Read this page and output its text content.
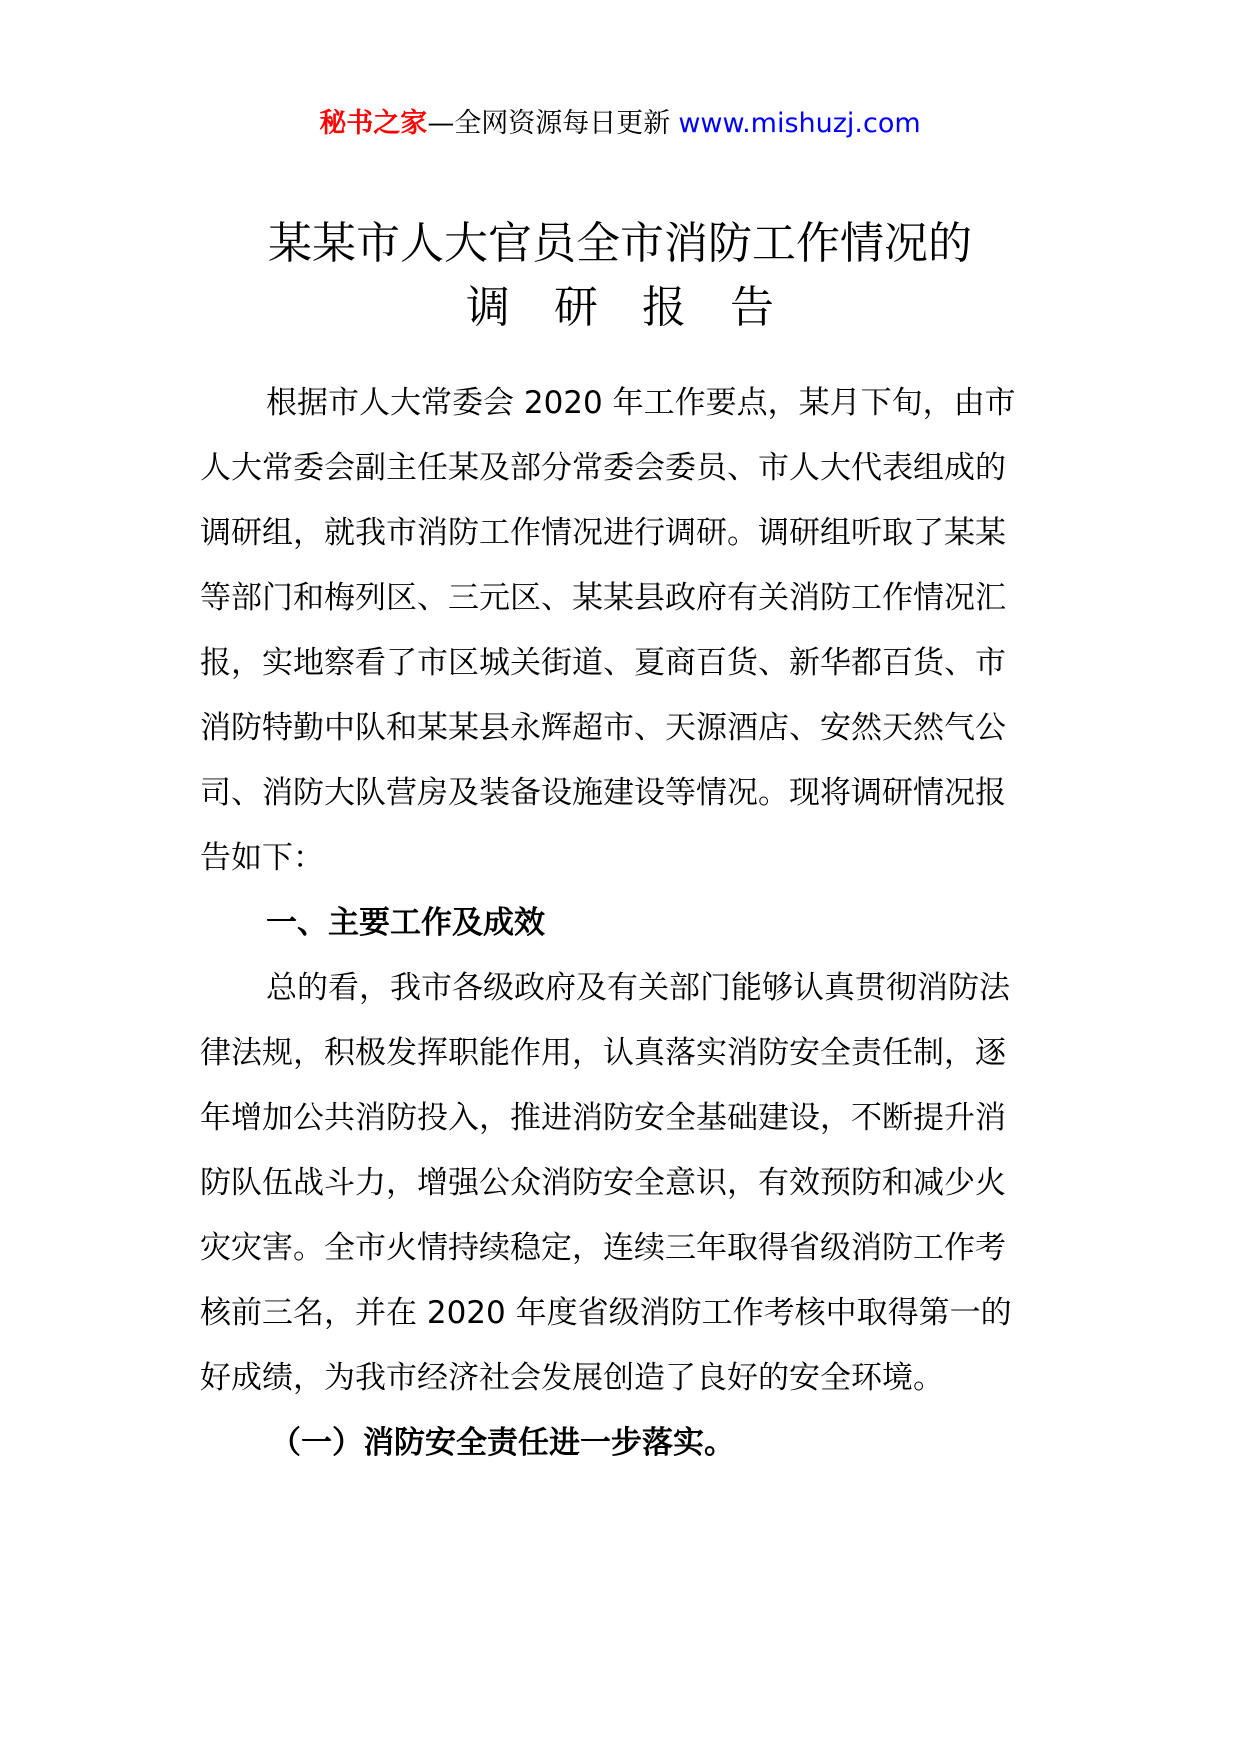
秘书之家—全网资源每日更新 www.mishuzj.com
某某市人大官员全市消防工作情况的
调研报告
根据市人大常委会 2020 年工作要点，某月下旬，由市
人大常委会副主任某及部分常委会委员、市人大代表组成的
调研组，就我市消防工作情况进行调研。调研组听取了某某
等部门和梅列区、三元区、某某县政府有关消防工作情况汇
报，实地察看了市区城关街道、夏商百货、新华都百货、市
消防特勤中队和某某县永辉超市、天源酒店、安然天然气公
司、消防大队营房及装备设施建设等情况。现将调研情况报
告如下：
一、主要工作及成效
总的看，我市各级政府及有关部门能够认真贯彻消防法
律法规，积极发挥职能作用，认真落实消防安全责任制，逐
年增加公共消防投入，推进消防安全基础建设，不断提升消
防队伍战斗力，增强公众消防安全意识，有效预防和减少火
灾灾害。全市火情持续稳定，连续三年取得省级消防工作考
核前三名，并在 2020 年度省级消防工作考核中取得第一的
好成绩，为我市经济社会发展创造了良好的安全环境。
（一）消防安全责任进一步落实。
